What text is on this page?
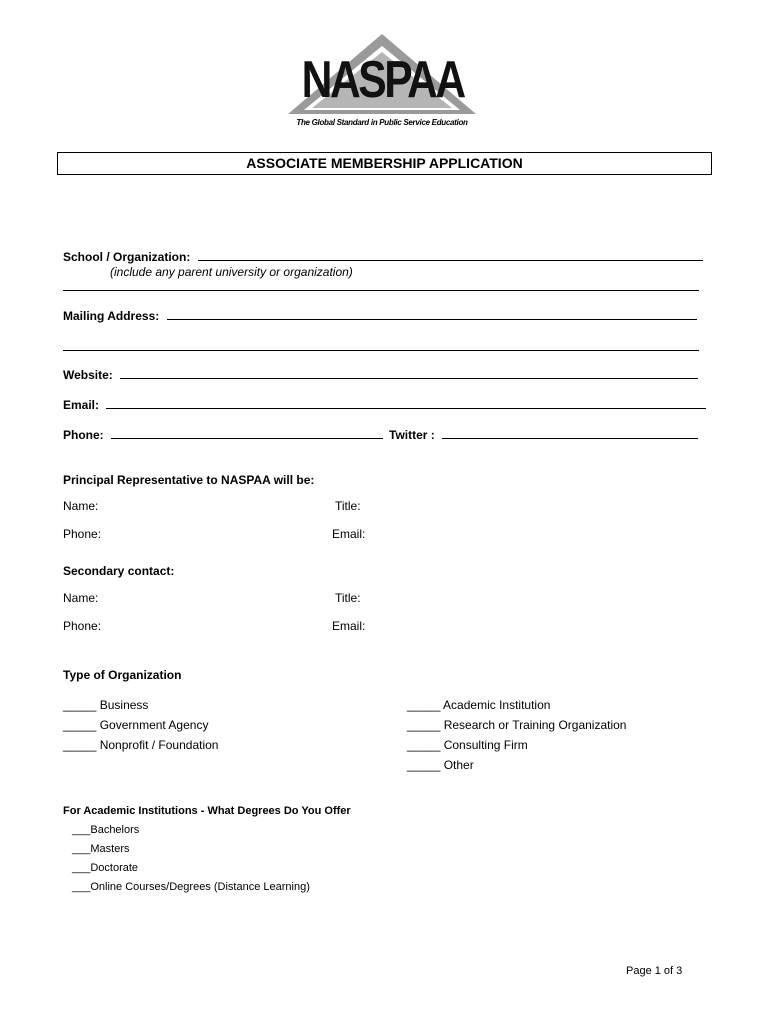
NASPAA
The Global Standard in Public Service Education
ASSOCIATE MEMBERSHIP APPLICATION
School / Organization:
(include any parent university or organization)
Mailing Address:
Website:
Email:
Phone:	Twitter :
Principal Representative to NASPAA will be:
Name:	Title:
Phone:	Email:
Secondary contact:
Name:	Title:
Phone:	Email:
Type of Organization
_____ Business
_____ Government Agency
_____ Nonprofit / Foundation
_____ Academic Institution
_____ Research or Training Organization
_____ Consulting Firm
_____ Other
For Academic Institutions - What Degrees Do You Offer
___Bachelors
___Masters
___Doctorate
___Online Courses/Degrees (Distance Learning)
Page 1 of 3
